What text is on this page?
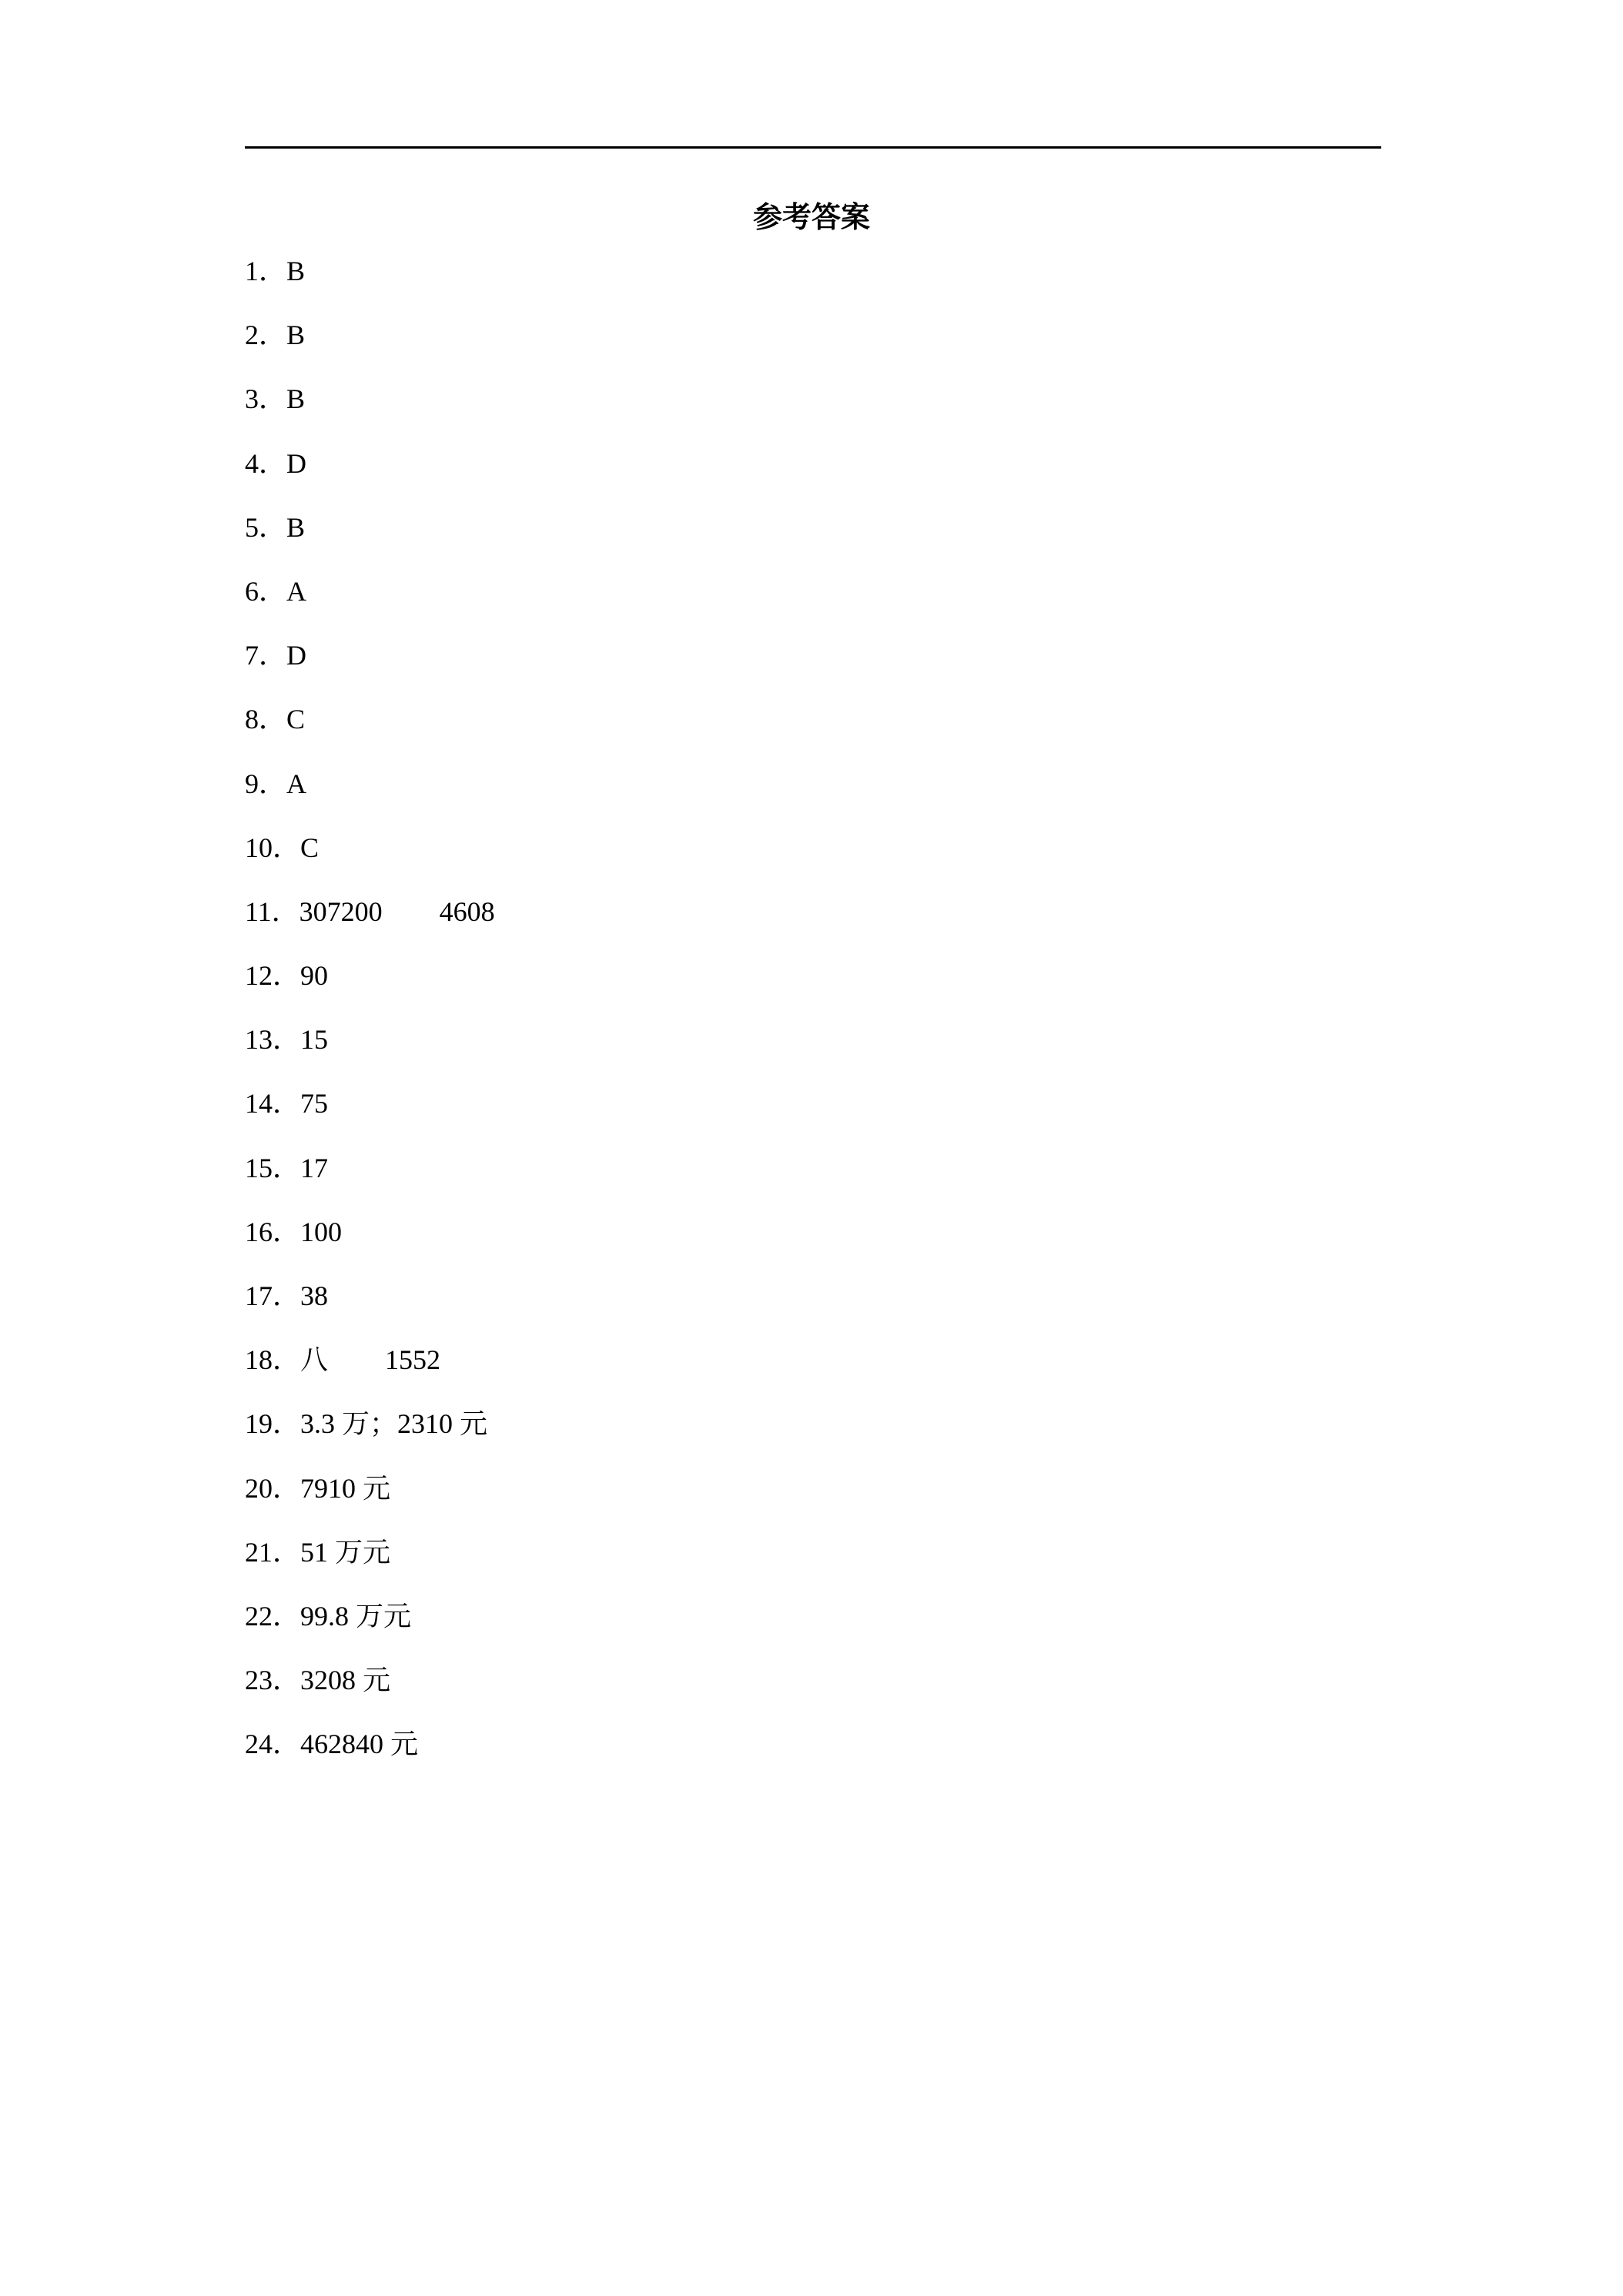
参考答案
1．B
2．B
3．B
4．D
5．B
6．A
7．D
8．C
9．A
10．C
11．307200 4608
12．90
13．15
14．75
15．17
16．100
17．38
18．八 1552
19．3.3 万；2310 元
20．7910 元
21．51 万元
22．99.8 万元
23．3208 元
24．462840 元
